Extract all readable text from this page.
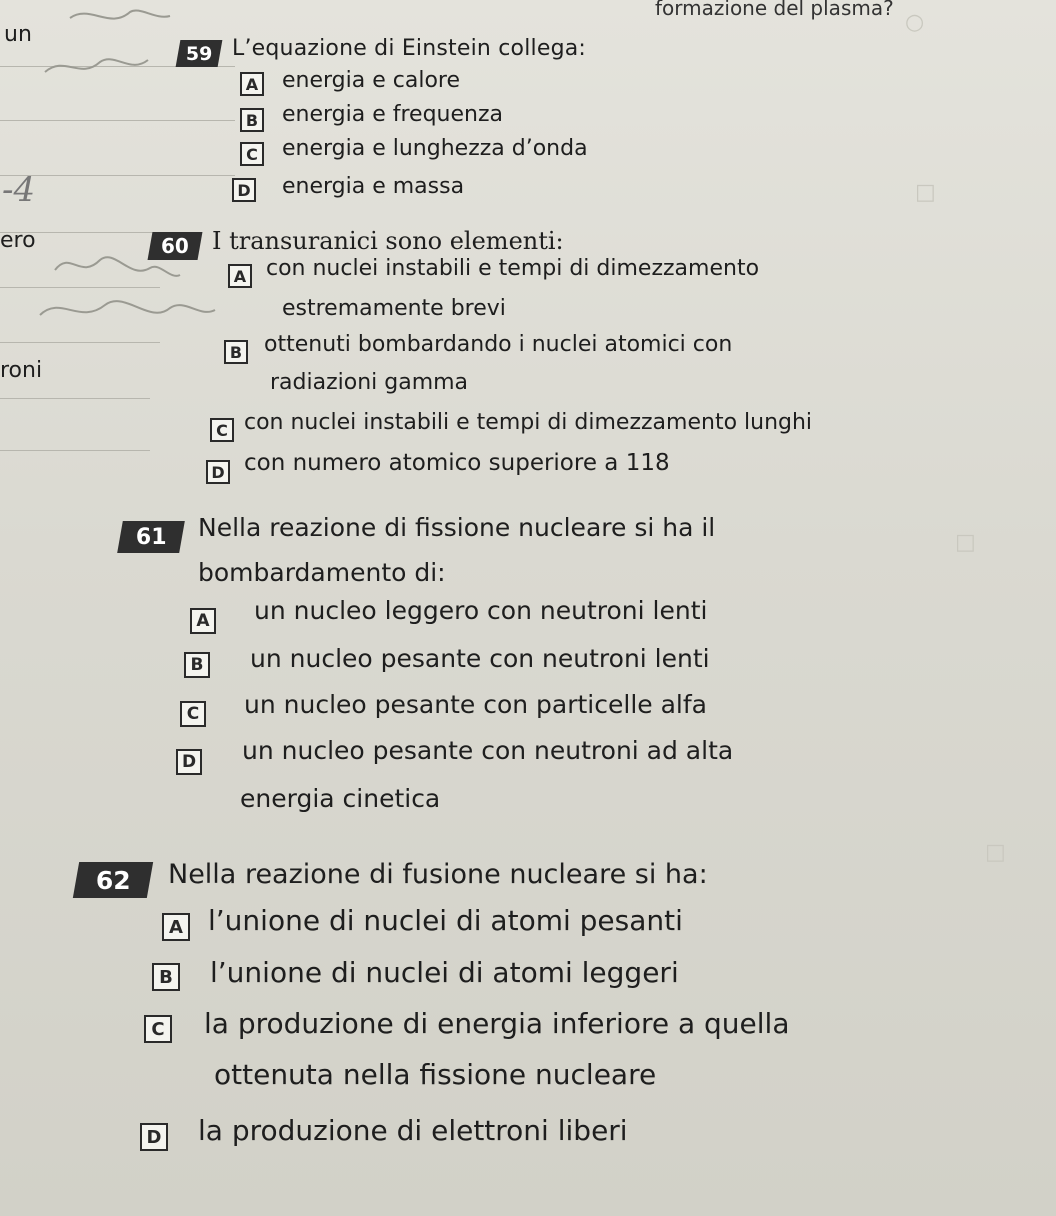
○
□
□
□
formazione del plasma?
un
ero
roni
-4
59 L’equazione di Einstein collega:
A energia e calore
B energia e frequenza
C energia e lunghezza d’onda
D energia e massa
60 I transuranici sono elementi:
A con nuclei instabili e tempi di dimezzamento
estremamente brevi
B ottenuti bombardando i nuclei atomici con
radiazioni gamma
C con nuclei instabili e tempi di dimezzamento lunghi
D con numero atomico superiore a 118
61 Nella reazione di fissione nucleare si ha il
bombardamento di:
A un nucleo leggero con neutroni lenti
B un nucleo pesante con neutroni lenti
C un nucleo pesante con particelle alfa
D un nucleo pesante con neutroni ad alta
energia cinetica
62 Nella reazione di fusione nucleare si ha:
A l’unione di nuclei di atomi pesanti
B l’unione di nuclei di atomi leggeri
C la produzione di energia inferiore a quella
ottenuta nella fissione nucleare
D la produzione di elettroni liberi
